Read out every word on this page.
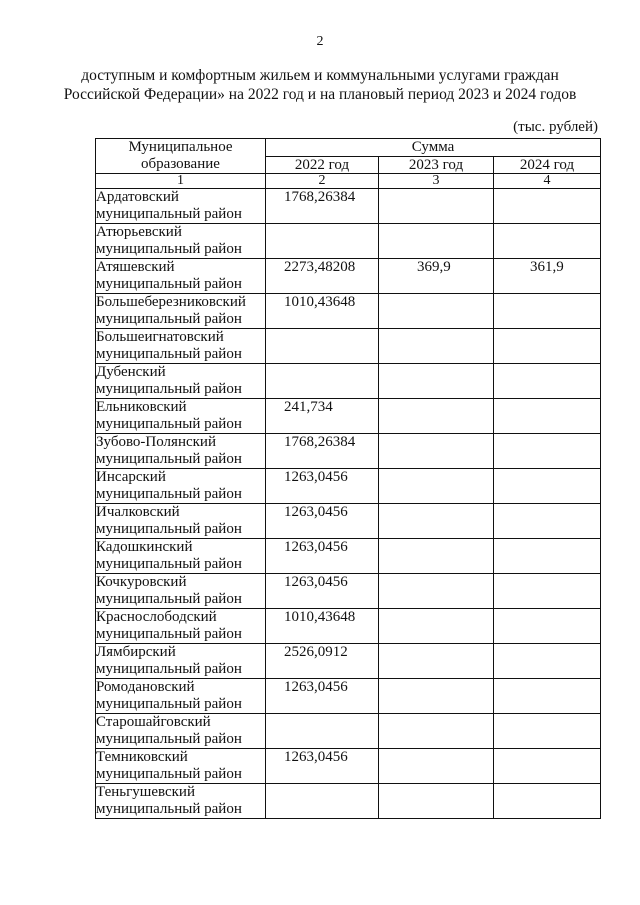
2
доступным и комфортным жильем и коммунальными услугами граждан
Российской Федерации» на 2022 год и на плановый период 2023 и 2024 годов
(тыс. рублей)
Муниципальное образование	Сумма		
	2022 год	2023 год	2024 год
1	2	3	4

Ардатовский
муниципальный район	1768,26384		

Атюрьевский
муниципальный район			

Атяшевский
муниципальный район	2273,48208	369,9	361,9

Большеберезниковский
муниципальный район	1010,43648		

Большеигнатовский
муниципальный район			

Дубенский
муниципальный район			

Ельниковский
муниципальный район	241,734		

Зубово-Полянский
муниципальный район	1768,26384		

Инсарский
муниципальный район	1263,0456		

Ичалковский
муниципальный район	1263,0456		

Кадошкинский
муниципальный район	1263,0456		

Кочкуровский
муниципальный район	1263,0456		

Краснослободский
муниципальный район	1010,43648		

Лямбирский
муниципальный район	2526,0912		

Ромодановский
муниципальный район	1263,0456		

Старошайговский
муниципальный район			

Темниковский
муниципальный район	1263,0456		

Теньгушевский
муниципальный район			
